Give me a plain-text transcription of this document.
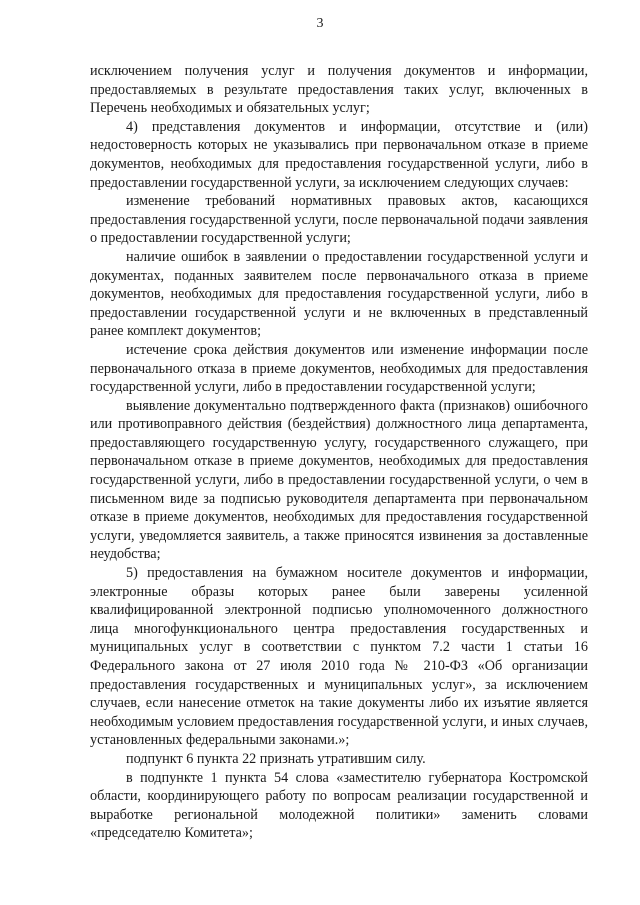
3

исключением получения услуг и получения документов и информации, предоставляемых в результате предоставления таких услуг, включенных в Перечень необходимых и обязательных услуг;

4) представления документов и информации, отсутствие и (или) недостоверность которых не указывались при первоначальном отказе в приеме документов, необходимых для предоставления государственной услуги, либо в предоставлении государственной услуги, за исключением следующих случаев:

изменение требований нормативных правовых актов, касающихся предоставления государственной услуги, после первоначальной подачи заявления о предоставлении государственной услуги;

наличие ошибок в заявлении о предоставлении государственной услуги и документах, поданных заявителем после первоначального отказа в приеме документов, необходимых для предоставления государственной услуги, либо в предоставлении государственной услуги и не включенных в представленный ранее комплект документов;

истечение срока действия документов или изменение информации после первоначального отказа в приеме документов, необходимых для предоставления государственной услуги, либо в предоставлении государственной услуги;

выявление документально подтвержденного факта (признаков) ошибочного или противоправного действия (бездействия) должностного лица департамента, предоставляющего государственную услугу, государственного служащего, при первоначальном отказе в приеме документов, необходимых для предоставления государственной услуги, либо в предоставлении государственной услуги, о чем в письменном виде за подписью руководителя департамента при первоначальном отказе в приеме документов, необходимых для предоставления государственной услуги, уведомляется заявитель, а также приносятся извинения за доставленные неудобства;

5) предоставления на бумажном носителе документов и информации, электронные образы которых ранее были заверены усиленной квалифицированной электронной подписью уполномоченного должностного лица многофункционального центра предоставления государственных и муниципальных услуг в соответствии с пунктом 7.2 части 1 статьи 16 Федерального закона от 27 июля 2010 года № 210-ФЗ «Об организации предоставления государственных и муниципальных услуг», за исключением случаев, если нанесение отметок на такие документы либо их изъятие является необходимым условием предоставления государственной услуги, и иных случаев, установленных федеральными законами.»;

подпункт 6 пункта 22 признать утратившим силу.

в подпункте 1 пункта 54 слова «заместителю губернатора Костромской области, координирующего работу по вопросам реализации государственной и выработке региональной молодежной политики» заменить словами «председателю Комитета»;
